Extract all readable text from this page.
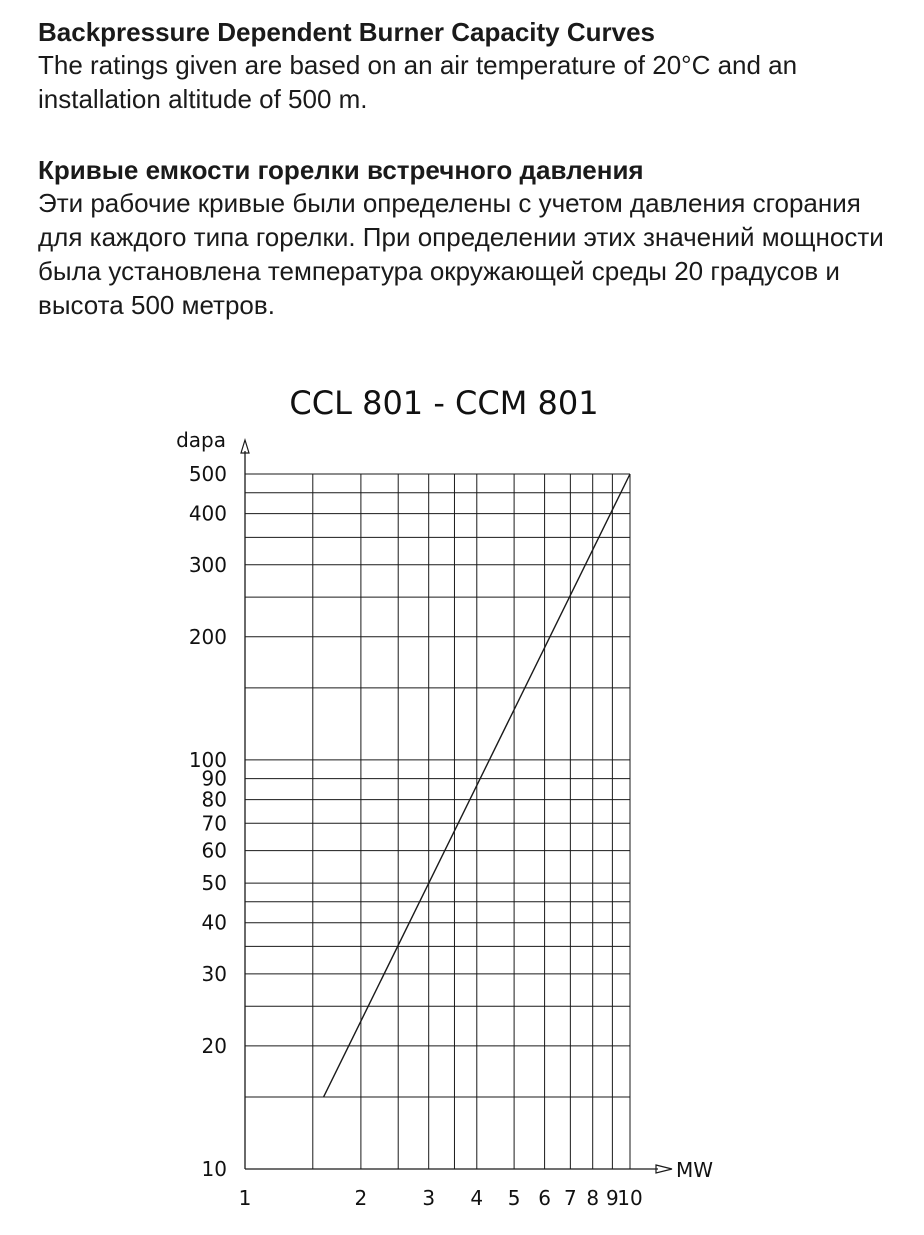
Backpressure Dependent Burner Capacity Curves

The ratings given are based on an air temperature of 20°C and an installation altitude of 500 m.

Кривые емкости горелки встречного давления

Эти рабочие кривые были определены с учетом давления сгорания для каждого типа горелки. При определении этих значений мощности была установлена температура окружающей среды 20 градусов и высота 500 метров.

CCL 801 - CCM 801
10
20
30
40
50
60
70
80
90
100
200
300
400
500
1	2	3 4 5 6 7 8 9
10
dapa
MW
